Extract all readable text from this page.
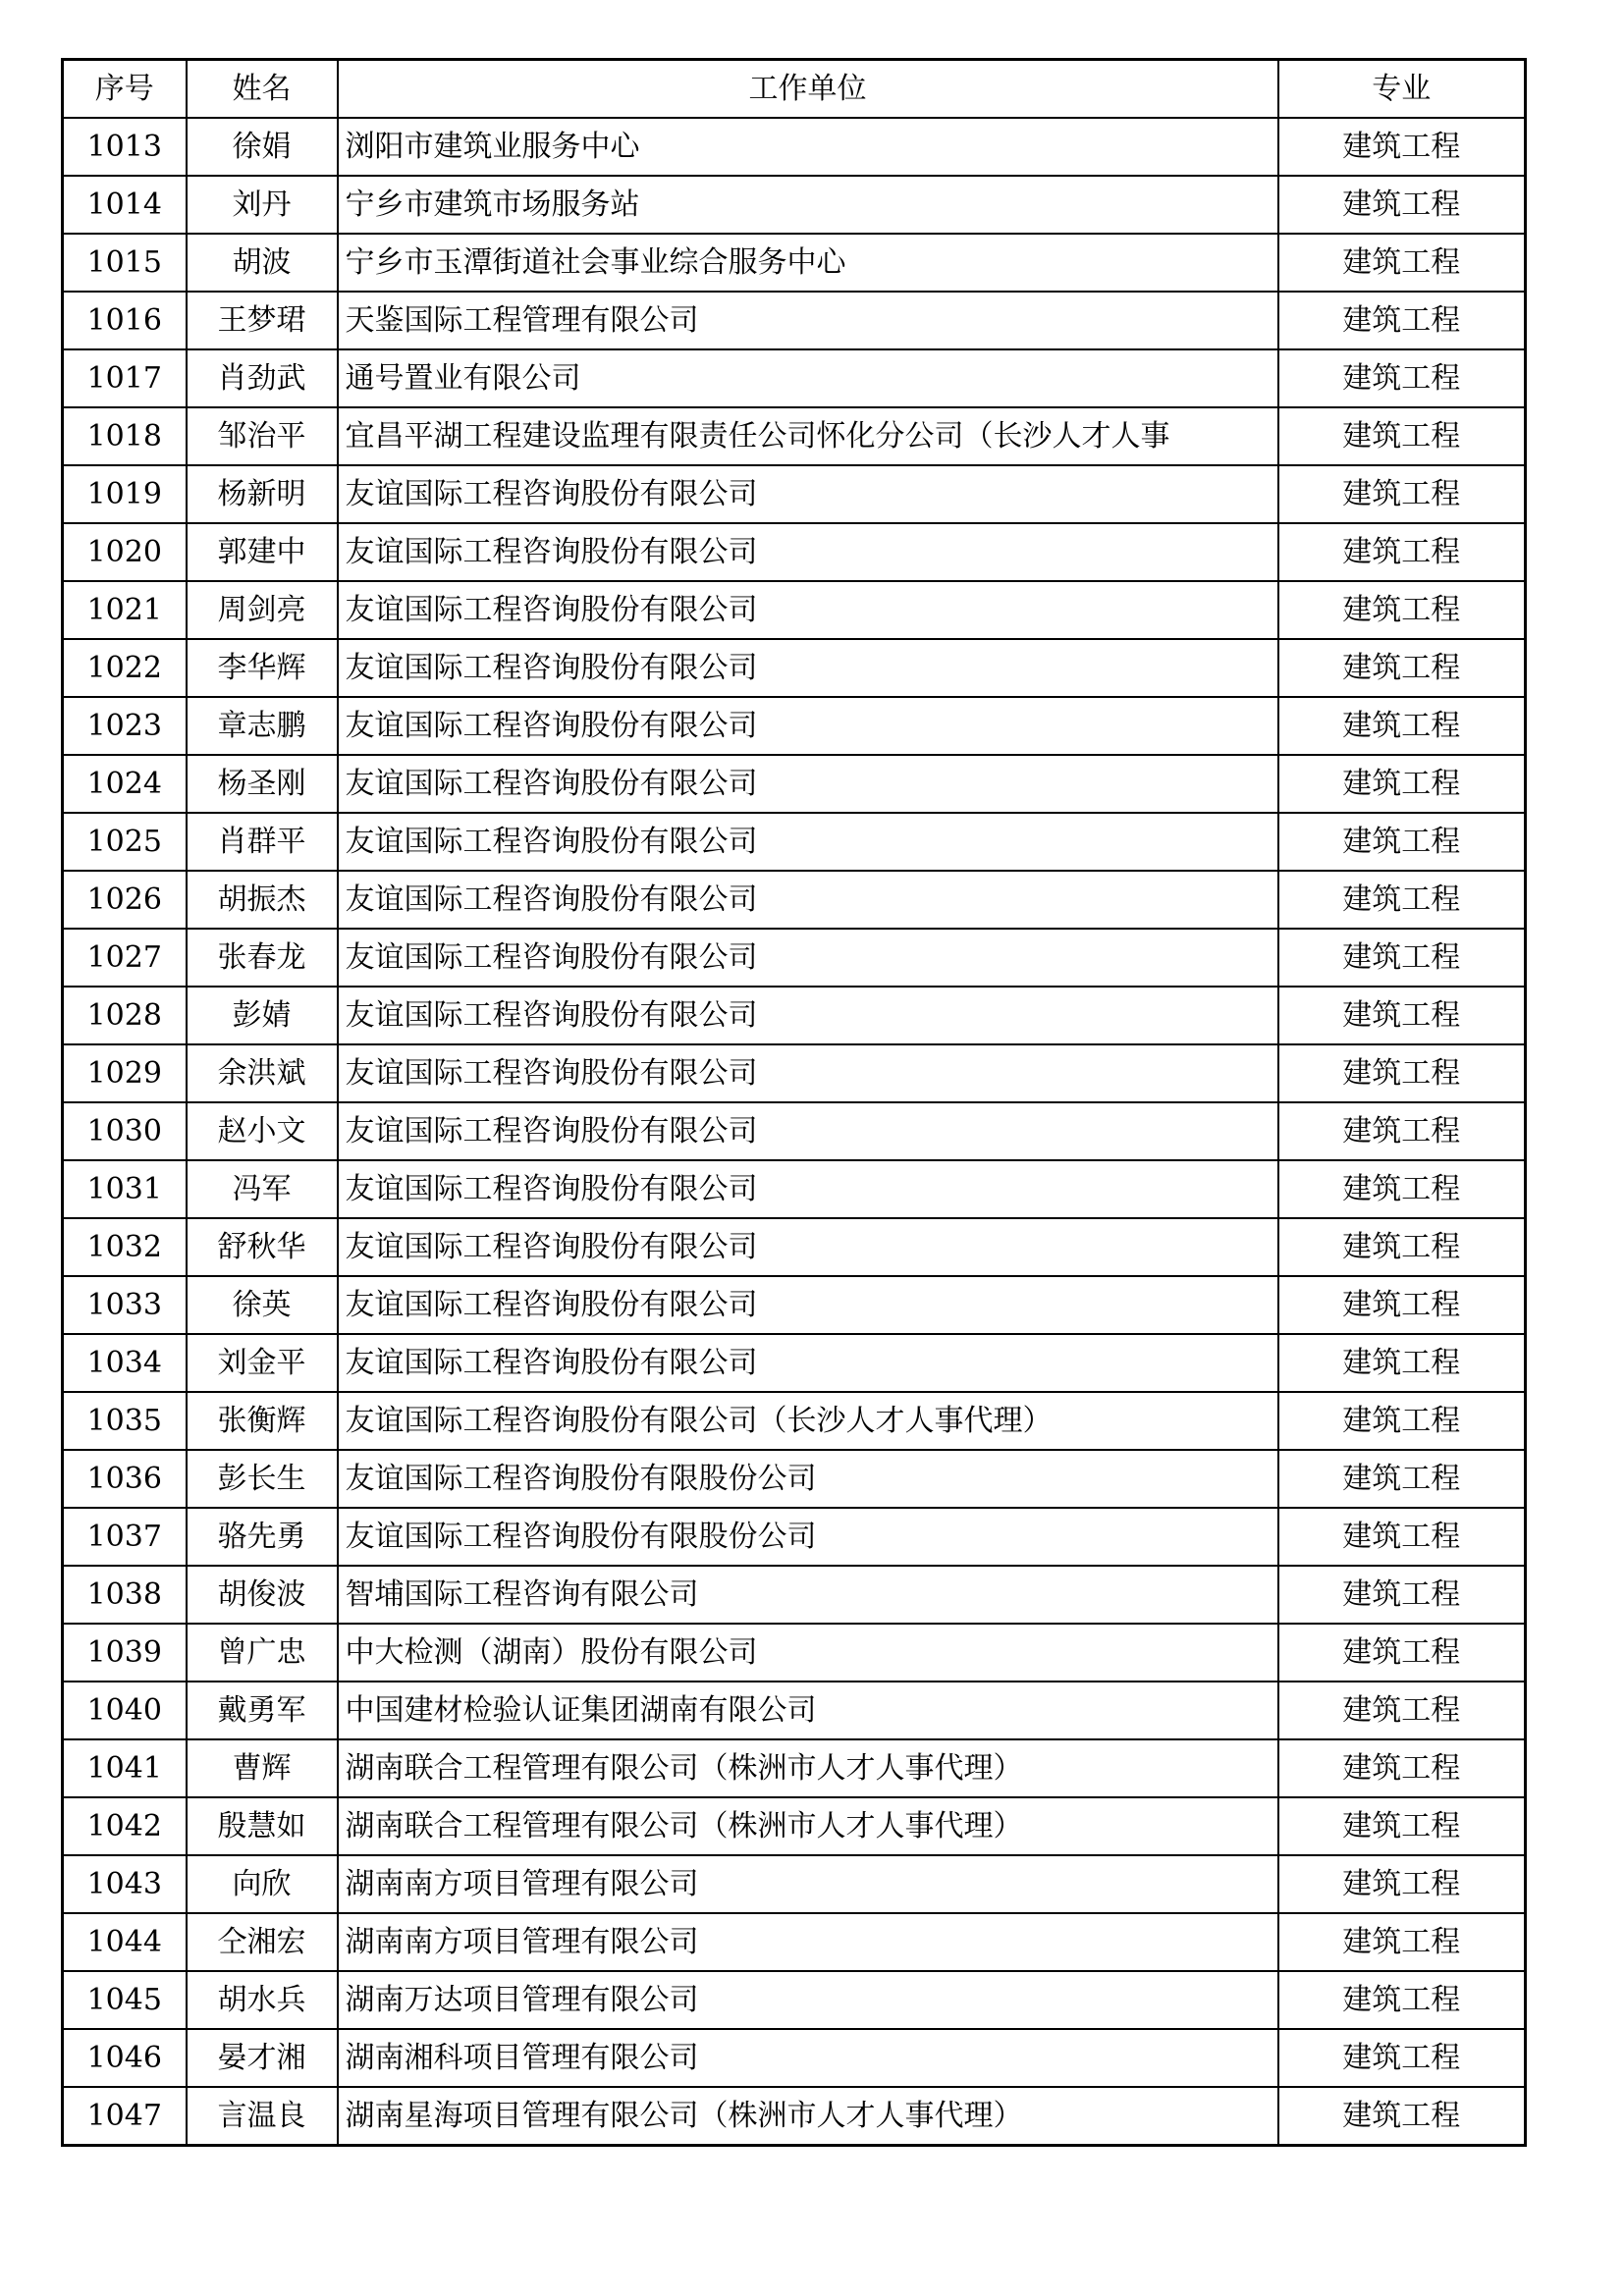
序号	姓名	工作单位	专业
1013	徐娟	浏阳市建筑业服务中心	建筑工程
1014	刘丹	宁乡市建筑市场服务站	建筑工程
1015	胡波	宁乡市玉潭街道社会事业综合服务中心	建筑工程
1016	王梦珺	天鉴国际工程管理有限公司	建筑工程
1017	肖劲武	通号置业有限公司	建筑工程
1018	邹治平	宜昌平湖工程建设监理有限责任公司怀化分公司（长沙人才人事	建筑工程
1019	杨新明	友谊国际工程咨询股份有限公司	建筑工程
1020	郭建中	友谊国际工程咨询股份有限公司	建筑工程
1021	周剑亮	友谊国际工程咨询股份有限公司	建筑工程
1022	李华辉	友谊国际工程咨询股份有限公司	建筑工程
1023	章志鹏	友谊国际工程咨询股份有限公司	建筑工程
1024	杨圣刚	友谊国际工程咨询股份有限公司	建筑工程
1025	肖群平	友谊国际工程咨询股份有限公司	建筑工程
1026	胡振杰	友谊国际工程咨询股份有限公司	建筑工程
1027	张春龙	友谊国际工程咨询股份有限公司	建筑工程
1028	彭婧	友谊国际工程咨询股份有限公司	建筑工程
1029	余洪斌	友谊国际工程咨询股份有限公司	建筑工程
1030	赵小文	友谊国际工程咨询股份有限公司	建筑工程
1031	冯军	友谊国际工程咨询股份有限公司	建筑工程
1032	舒秋华	友谊国际工程咨询股份有限公司	建筑工程
1033	徐英	友谊国际工程咨询股份有限公司	建筑工程
1034	刘金平	友谊国际工程咨询股份有限公司	建筑工程
1035	张衡辉	友谊国际工程咨询股份有限公司（长沙人才人事代理）	建筑工程
1036	彭长生	友谊国际工程咨询股份有限股份公司	建筑工程
1037	骆先勇	友谊国际工程咨询股份有限股份公司	建筑工程
1038	胡俊波	智埔国际工程咨询有限公司	建筑工程
1039	曾广忠	中大检测（湖南）股份有限公司	建筑工程
1040	戴勇军	中国建材检验认证集团湖南有限公司	建筑工程
1041	曹辉	湖南联合工程管理有限公司（株洲市人才人事代理）	建筑工程
1042	殷慧如	湖南联合工程管理有限公司（株洲市人才人事代理）	建筑工程
1043	向欣	湖南南方项目管理有限公司	建筑工程
1044	仝湘宏	湖南南方项目管理有限公司	建筑工程
1045	胡水兵	湖南万达项目管理有限公司	建筑工程
1046	晏才湘	湖南湘科项目管理有限公司	建筑工程
1047	言温良	湖南星海项目管理有限公司（株洲市人才人事代理）	建筑工程
